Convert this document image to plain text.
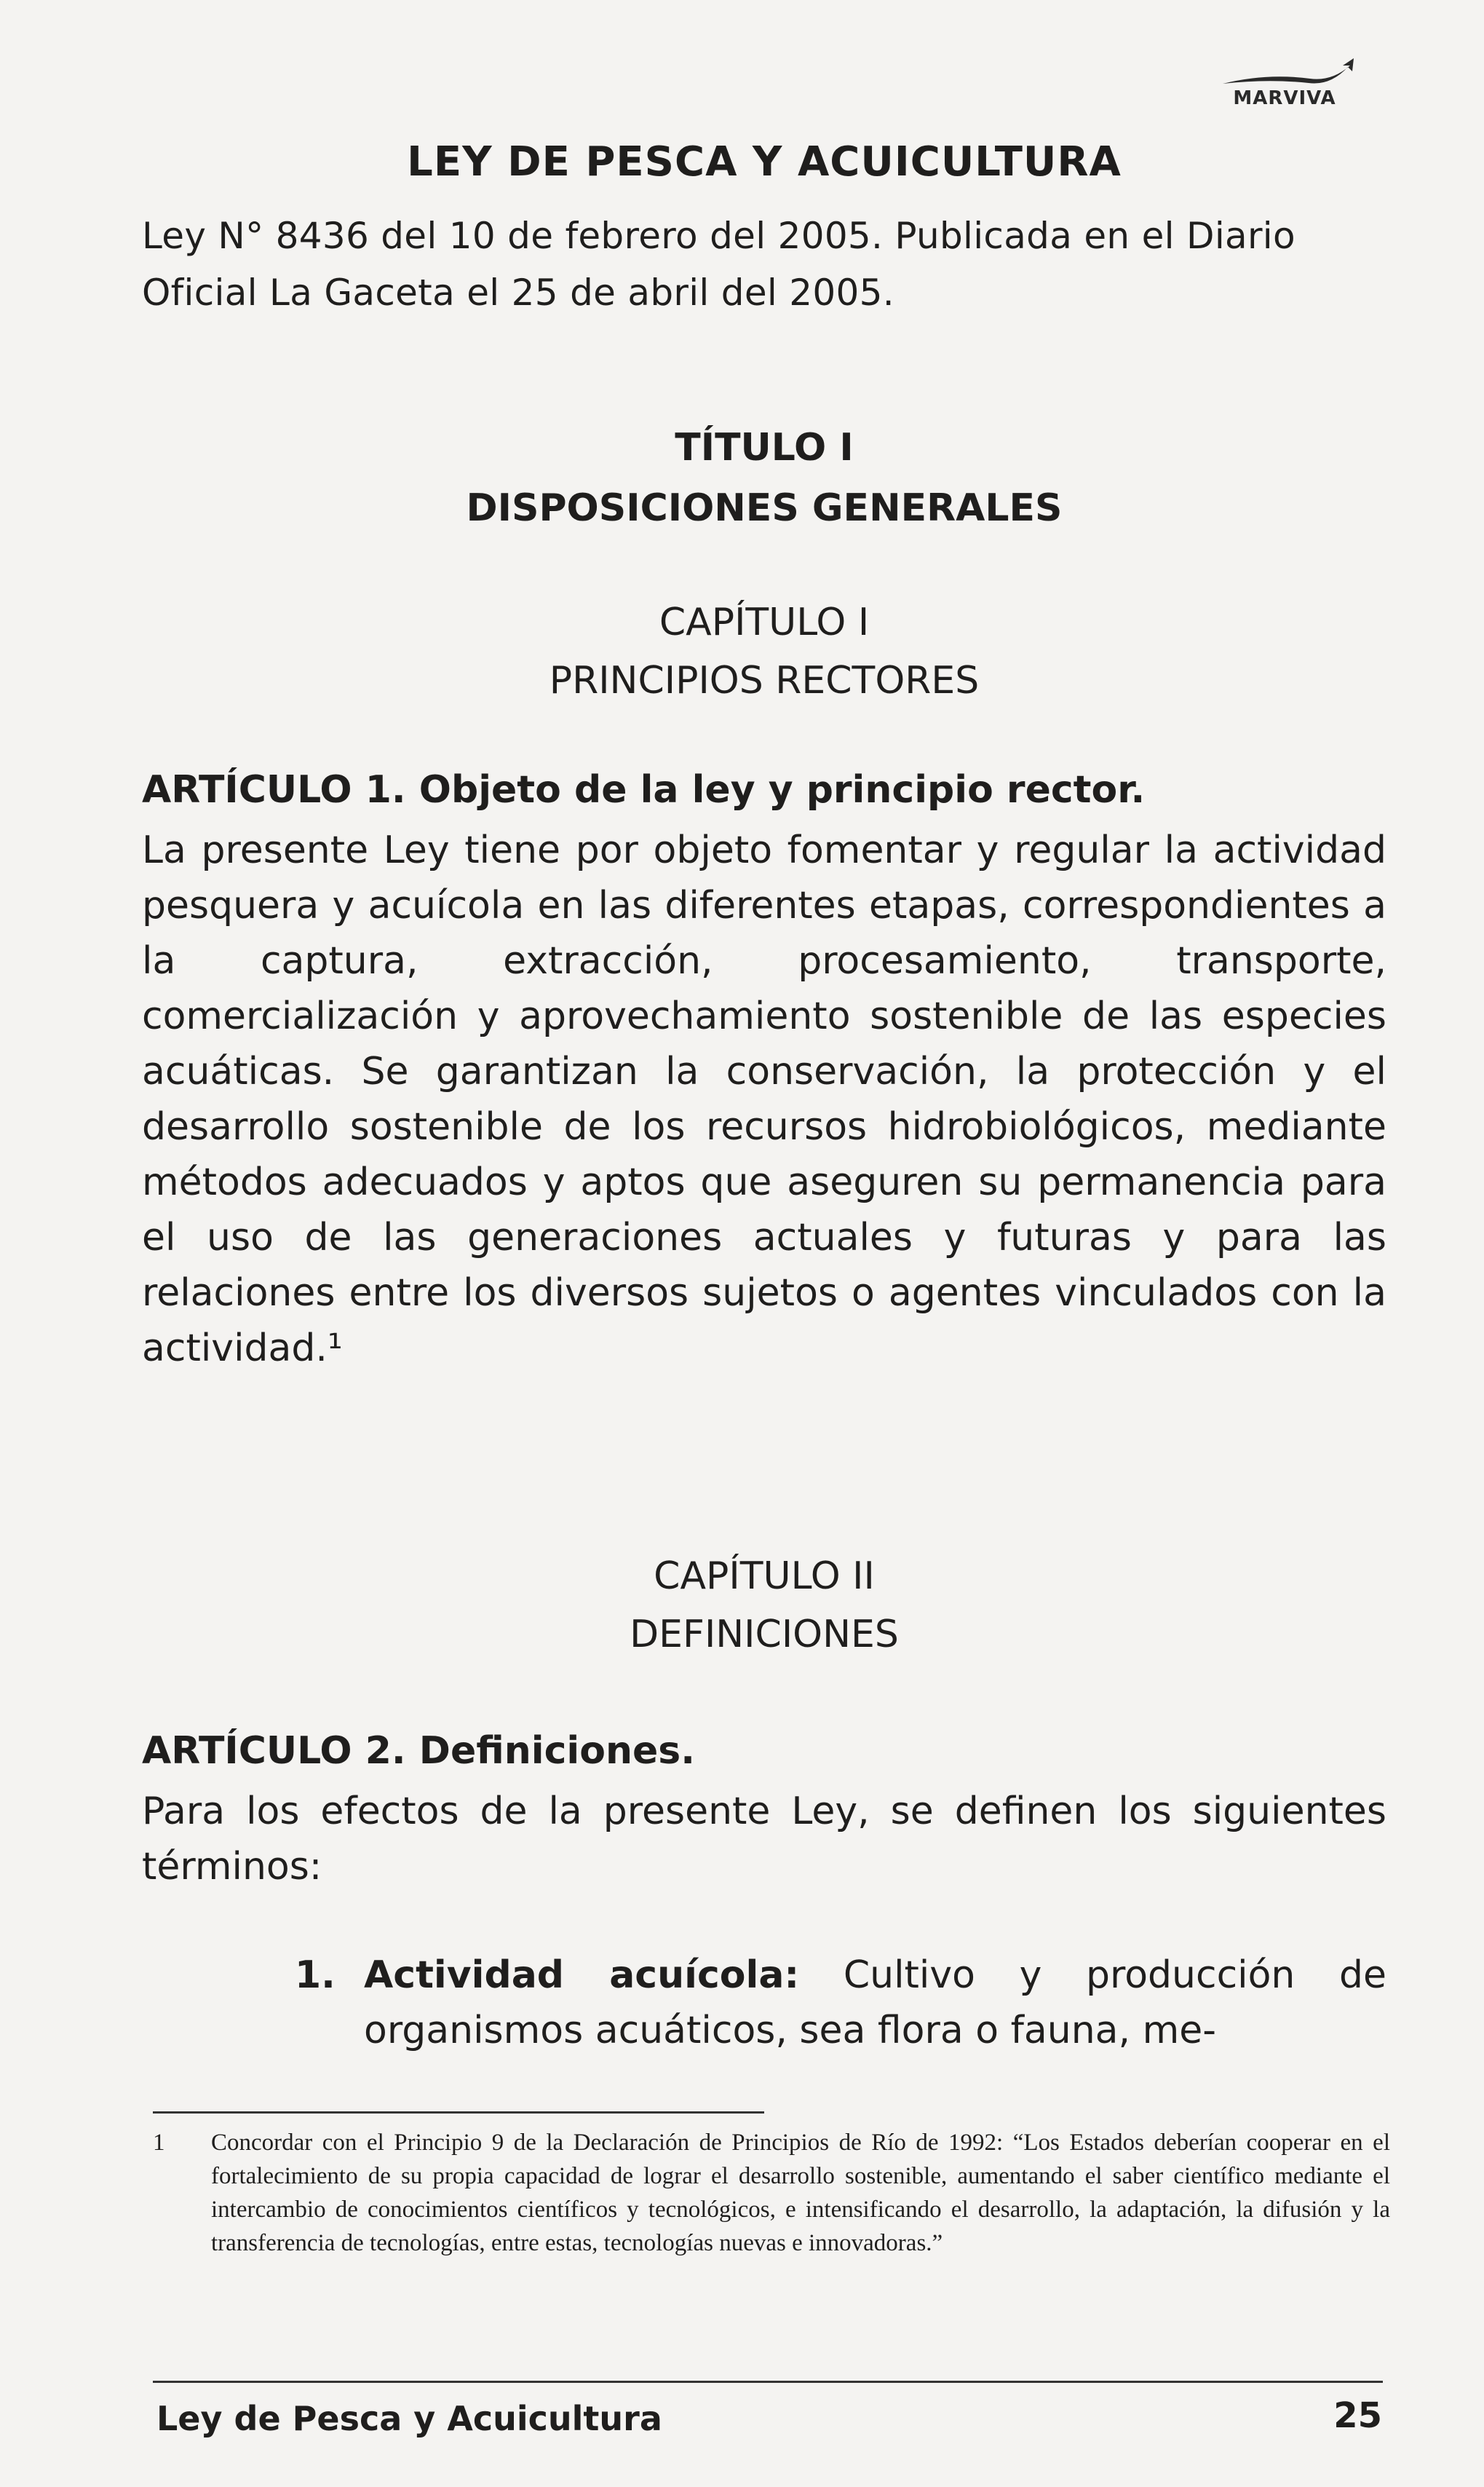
MARVIVA
LEY DE PESCA Y ACUICULTURA
Ley N° 8436 del 10 de febrero del 2005. Publicada en el Diario Oficial La Gaceta el 25 de abril del 2005.
TÍTULO I
DISPOSICIONES GENERALES
CAPÍTULO I
PRINCIPIOS RECTORES
ARTÍCULO 1. Objeto de la ley y principio rector.
La presente Ley tiene por objeto fomentar y regular la actividad pesquera y acuícola en las diferentes etapas, correspondientes a la captura, extracción, procesamiento, transporte, comercialización y aprovechamiento sostenible de las especies acuáticas. Se garantizan la conservación, la protección y el desarrollo sostenible de los recursos hidrobiológicos, mediante métodos adecuados y aptos que aseguren su permanencia para el uso de las generaciones actuales y futuras y para las relaciones entre los diversos sujetos o agentes vinculados con la actividad.¹
CAPÍTULO II
DEFINICIONES
ARTÍCULO 2. Definiciones.
Para los efectos de la presente Ley, se definen los siguientes términos:
1. Actividad acuícola: Cultivo y producción de organismos acuáticos, sea flora o fauna, me-
1	Concordar con el Principio 9 de la Declaración de Principios de Río de 1992: “Los Estados deberían cooperar en el fortalecimiento de su propia capacidad de lograr el desarrollo sostenible, aumentando el saber científico mediante el intercambio de conocimientos científicos y tecnológicos, e intensificando el desarrollo, la adaptación, la difusión y la transferencia de tecnologías, entre estas, tecnologías nuevas e innovadoras.”
Ley de Pesca y Acuicultura	25
